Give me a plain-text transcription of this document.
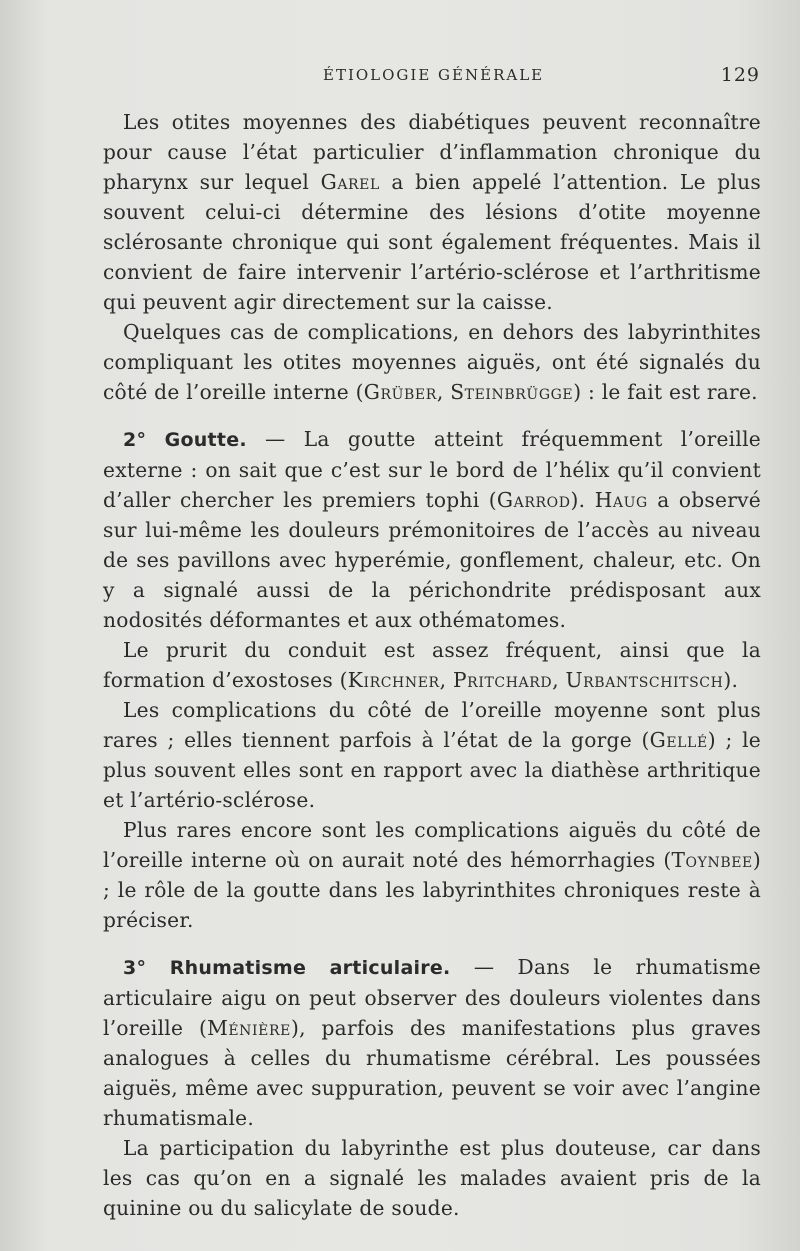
ÉTIOLOGIE GÉNÉRALE	129

Les otites moyennes des diabétiques peuvent reconnaître pour cause l’état particulier d’inflammation chronique du pharynx sur lequel Garel a bien appelé l’attention. Le plus souvent celui-ci détermine des lésions d’otite moyenne sclérosante chronique qui sont également fréquentes. Mais il convient de faire intervenir l’artério-sclérose et l’arthritisme qui peuvent agir directement sur la caisse.

Quelques cas de complications, en dehors des labyrinthites compliquant les otites moyennes aiguës, ont été signalés du côté de l’oreille interne (Grüber, Steinbrügge) : le fait est rare.

2° Goutte. — La goutte atteint fréquemment l’oreille externe : on sait que c’est sur le bord de l’hélix qu’il convient d’aller chercher les premiers tophi (Garrod). Haug a observé sur lui-même les douleurs prémonitoires de l’accès au niveau de ses pavillons avec hyperémie, gonflement, chaleur, etc. On y a signalé aussi de la périchondrite prédisposant aux nodosités déformantes et aux othématomes.

Le prurit du conduit est assez fréquent, ainsi que la formation d’exostoses (Kirchner, Pritchard, Urbantschitsch).

Les complications du côté de l’oreille moyenne sont plus rares ; elles tiennent parfois à l’état de la gorge (Gellé) ; le plus souvent elles sont en rapport avec la diathèse arthritique et l’artério-sclérose.

Plus rares encore sont les complications aiguës du côté de l’oreille interne où on aurait noté des hémorrhagies (Toynbee) ; le rôle de la goutte dans les labyrinthites chroniques reste à préciser.

3° Rhumatisme articulaire. — Dans le rhumatisme articulaire aigu on peut observer des douleurs violentes dans l’oreille (Ménière), parfois des manifestations plus graves analogues à celles du rhumatisme cérébral. Les poussées aiguës, même avec suppuration, peuvent se voir avec l’angine rhumatismale.

La participation du labyrinthe est plus douteuse, car dans les cas qu’on en a signalé les malades avaient pris de la quinine ou du salicylate de soude.
